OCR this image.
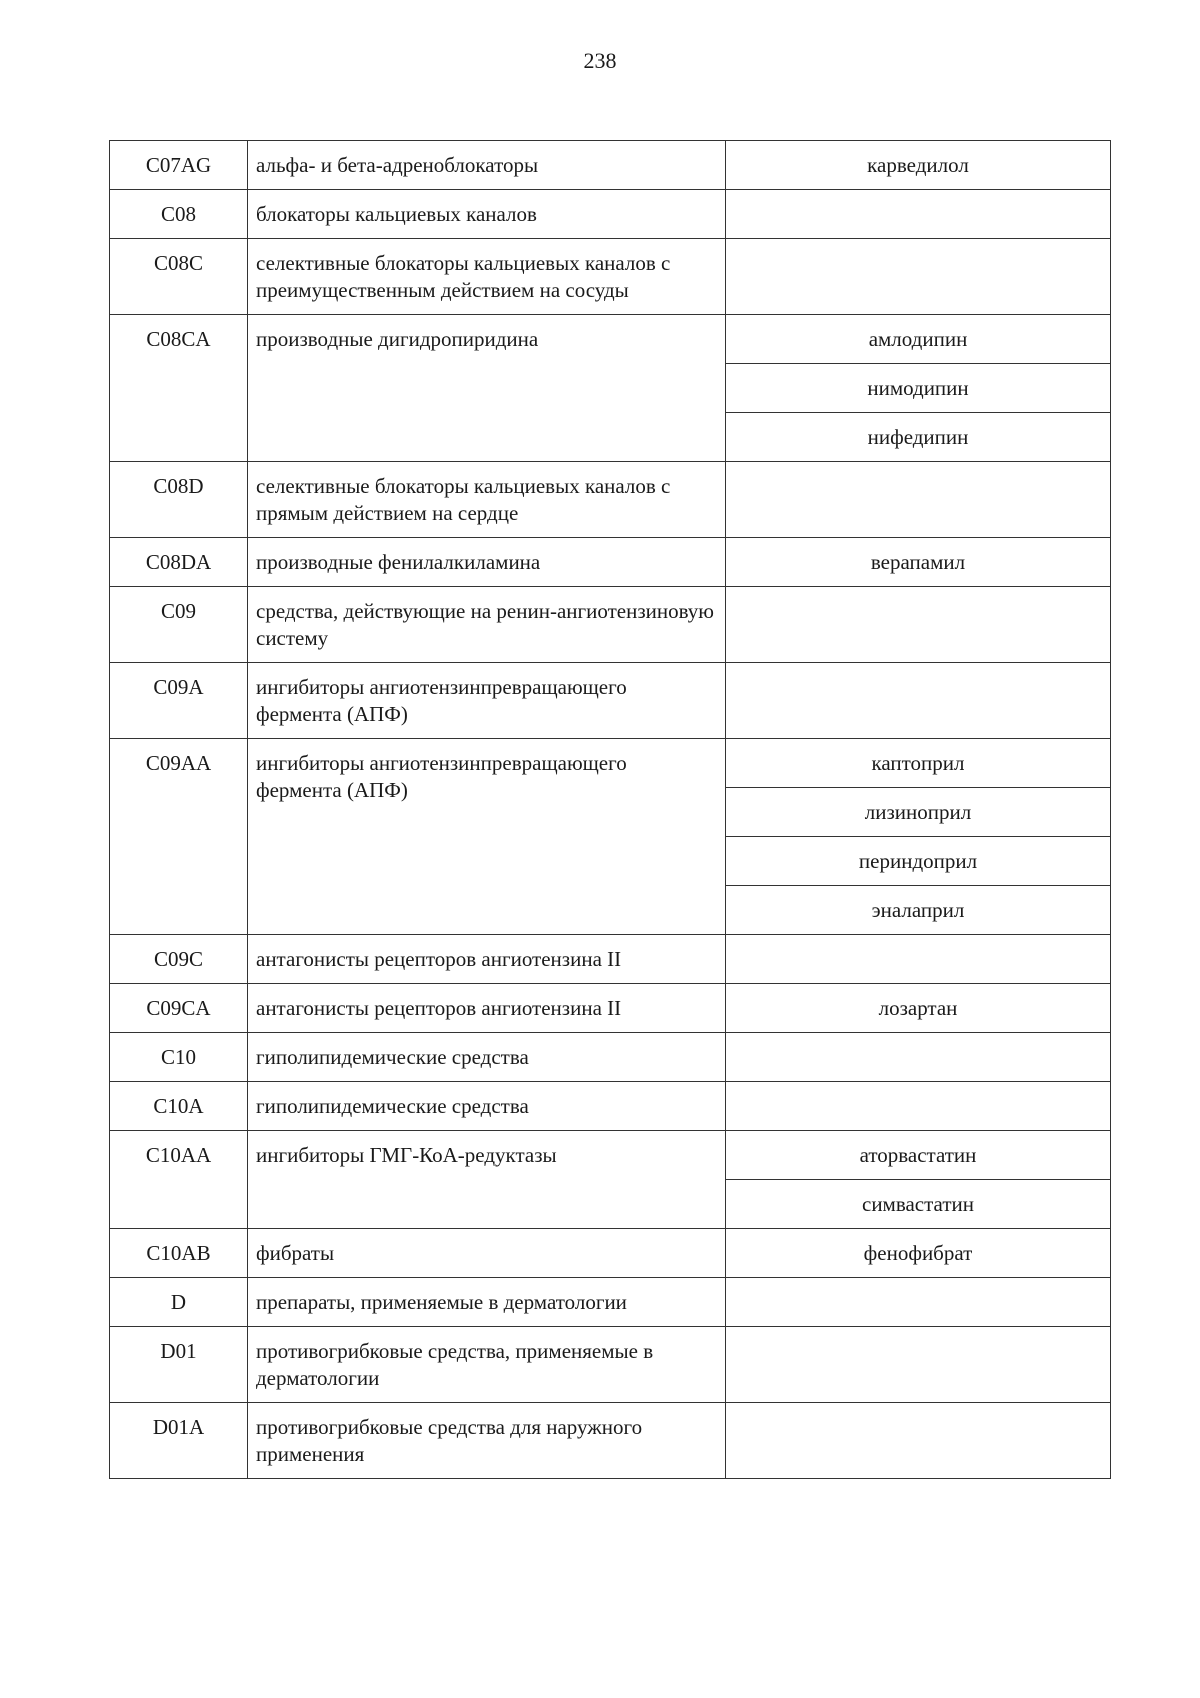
238
C07AG	альфа- и бета-адреноблокаторы	карведилол
C08	блокаторы кальциевых каналов	
C08C	селективные блокаторы кальциевых каналов с преимущественным действием на сосуды	
C08CA	производные дигидропиридина	амлодипин
		нимодипин
		нифедипин
C08D	селективные блокаторы кальциевых каналов с прямым действием на сердце	
C08DA	производные фенилалкиламина	верапамил
C09	средства, действующие на ренин-ангиотензиновую систему	
C09A	ингибиторы ангиотензинпревращающего фермента (АПФ)	
C09AA	ингибиторы ангиотензинпревращающего фермента (АПФ)	каптоприл
		лизиноприл
		периндоприл
		эналаприл
C09C	антагонисты рецепторов ангиотензина II	
C09CA	антагонисты рецепторов ангиотензина II	лозартан
C10	гиполипидемические средства	
C10A	гиполипидемические средства	
C10AA	ингибиторы ГМГ-КоА-редуктазы	аторвастатин
		симвастатин
C10AB	фибраты	фенофибрат
D	препараты, применяемые в дерматологии	
D01	противогрибковые средства, применяемые в дерматологии	
D01A	противогрибковые средства для наружного применения	
